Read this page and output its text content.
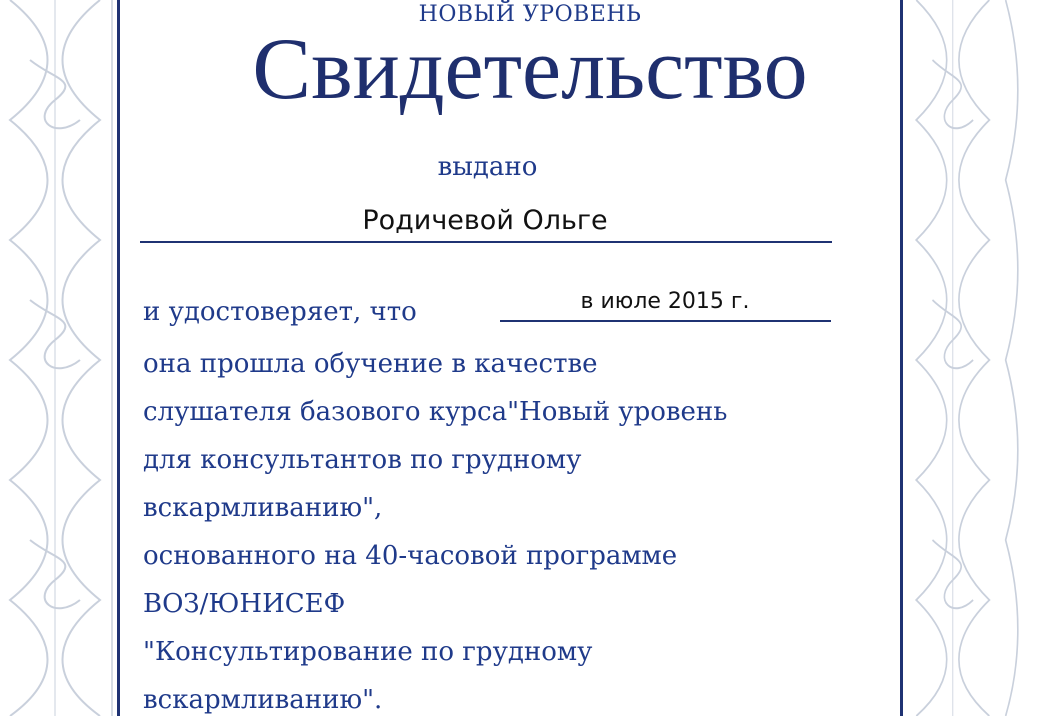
НОВЫЙ УРОВЕНЬ
Свидетельство
выдано
Родичевой Ольге
и удостоверяет, что	в июле 2015 г.
она прошла обучение в качестве
слушателя базового курса"Новый уровень
для консультантов по грудному
вскармливанию",
основанного на 40-часовой программе
ВОЗ/ЮНИСЕФ
"Консультирование по грудному
вскармливанию".
